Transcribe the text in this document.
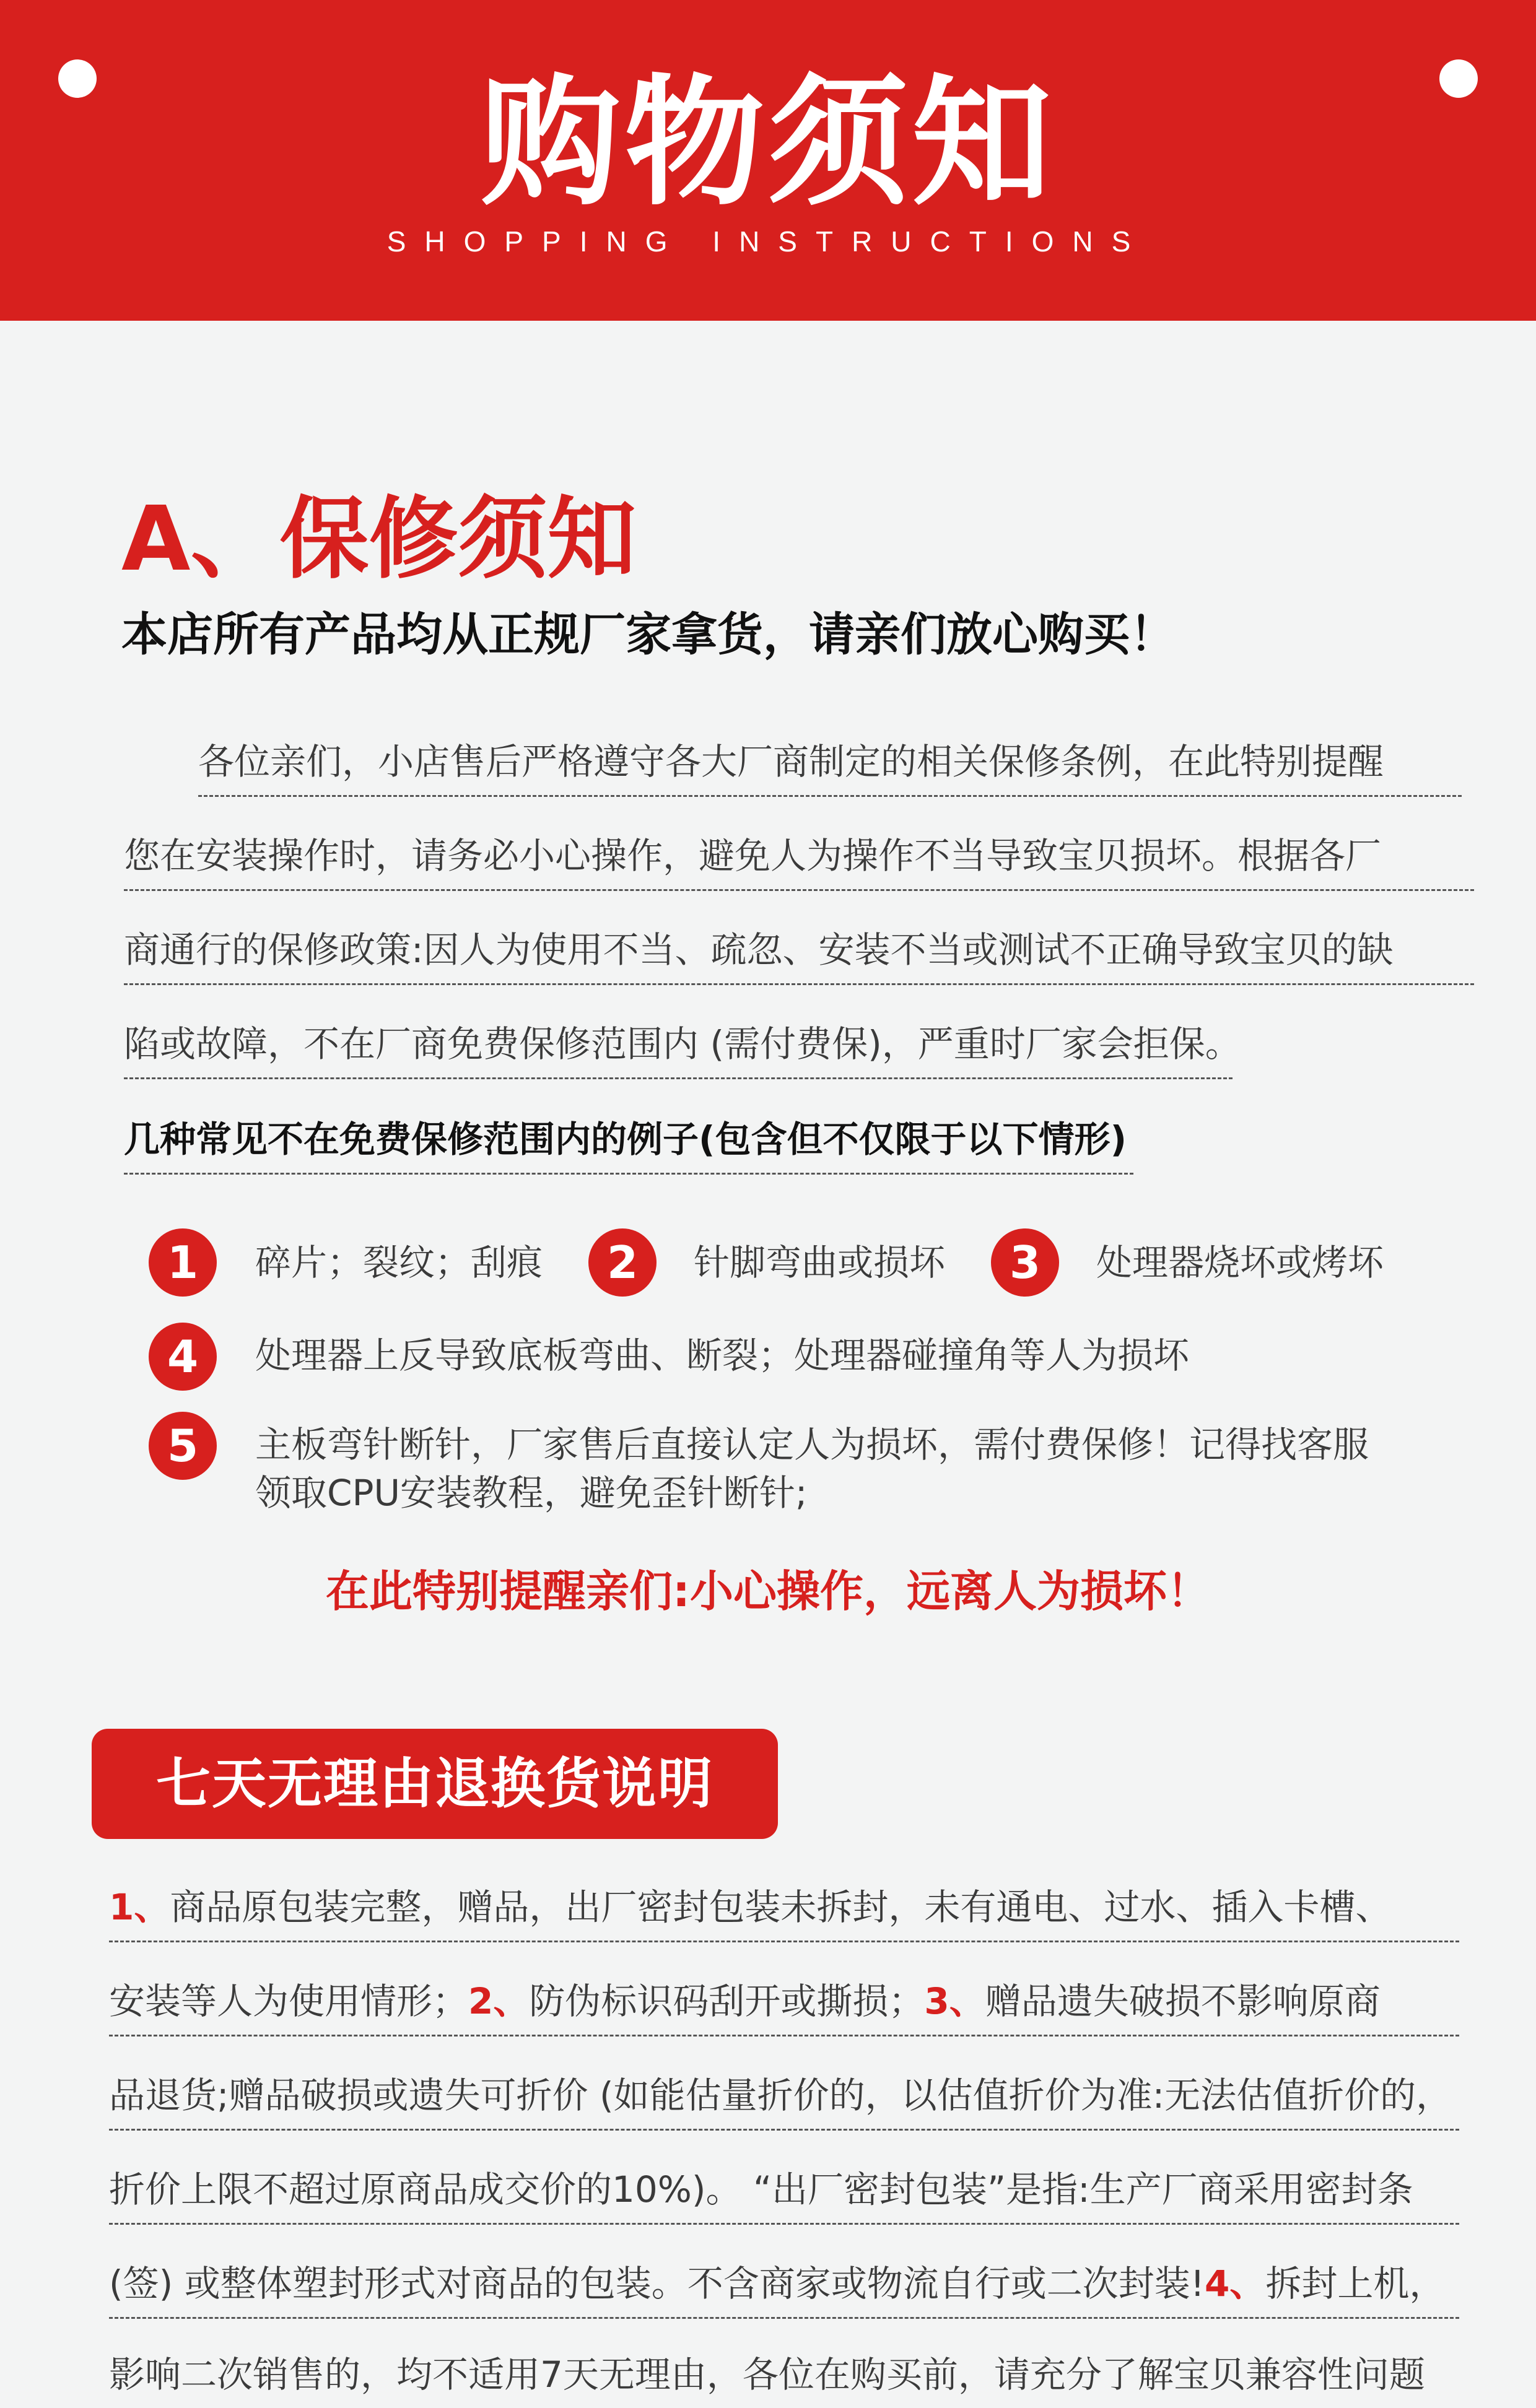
购物须知
SHOPPING INSTRUCTIONS
A、保修须知
本店所有产品均从正规厂家拿货，请亲们放心购买！
各位亲们，小店售后严格遵守各大厂商制定的相关保修条例，在此特别提醒
您在安装操作时，请务必小心操作，避免人为操作不当导致宝贝损坏。根据各厂
商通行的保修政策:因人为使用不当、疏忽、安装不当或测试不正确导致宝贝的缺
陷或故障，不在厂商免费保修范围内 (需付费保)，严重时厂家会拒保。
几种常见不在免费保修范围内的例子(包含但不仅限于以下情形)
1	碎片；裂纹；刮痕	2	针脚弯曲或损坏	3	处理器烧坏或烤坏
4	处理器上反导致底板弯曲、断裂；处理器碰撞角等人为损坏
5	主板弯针断针，厂家售后直接认定人为损坏，需付费保修！记得找客服
领取CPU安装教程，避免歪针断针;
在此特别提醒亲们:小心操作，远离人为损坏！
七天无理由退换货说明
1、商品原包装完整，赠品，出厂密封包装未拆封，未有通电、过水、插入卡槽、
安装等人为使用情形；2、防伪标识码刮开或撕损；3、赠品遗失破损不影响原商
品退货;赠品破损或遗失可折价 (如能估量折价的，以估值折价为准:无法估值折价的，
折价上限不超过原商品成交价的10%)。 “出厂密封包装”是指:生产厂商采用密封条
(签) 或整体塑封形式对商品的包装。不含商家或物流自行或二次封装!4、拆封上机，
影响二次销售的，均不适用7天无理由，各位在购买前，请充分了解宝贝兼容性问题
